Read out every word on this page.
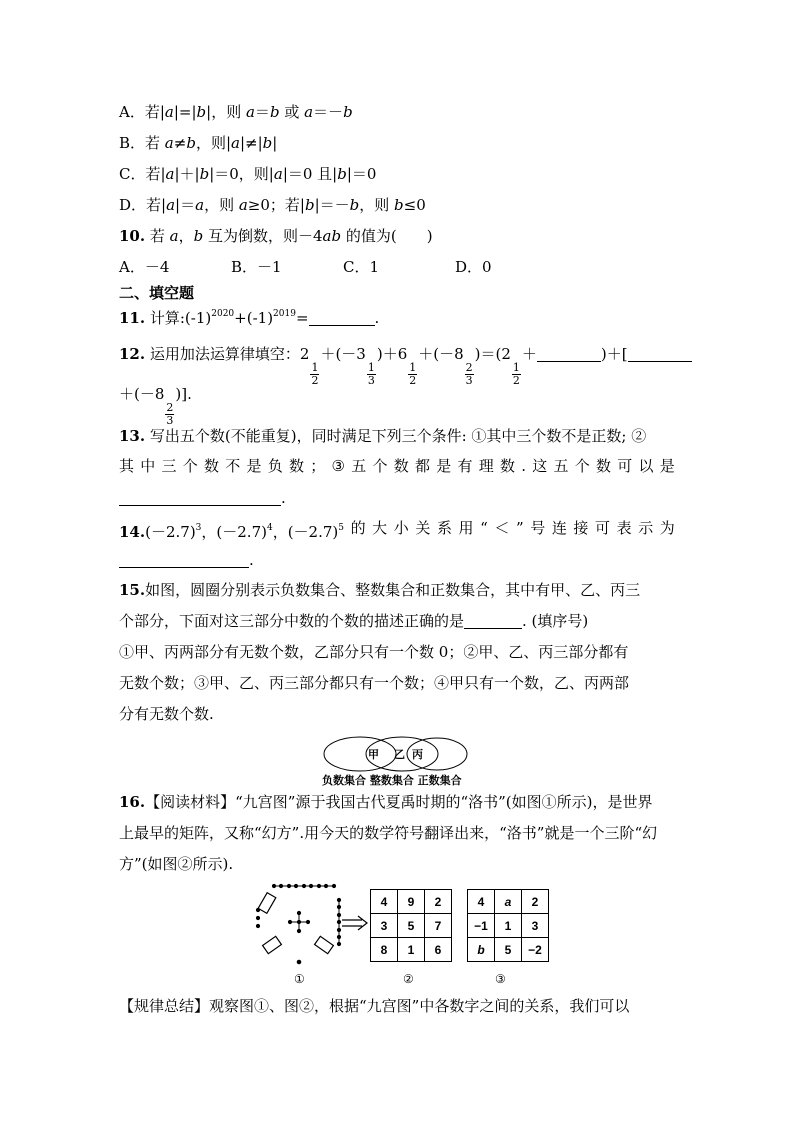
A．若|a|=|b|，则 a＝b 或 a＝－b
B．若 a≠b，则|a|≠|b|
C．若|a|＋|b|＝0，则|a|＝0 且|b|＝0
D．若|a|＝a，则 a≥0；若|b|＝－b，则 b≤0
10. 若 a，b 互为倒数，则－4ab 的值为(　　)
A．－4	B．－1	C．1	D．0
二、填空题
11. 计算$:(-1)^{2020}+(-1)^{2019}=$	.
12. 运用加法运算律填空：2
$\frac{1}{2}$
＋(－3
$\frac{1}{3}$
)＋6
$\frac{1}{2}$
＋(－8
$\frac{2}{3}$
)＝(2
$\frac{1}{2}$
＋	)＋[
＋(－8
$\frac{2}{3}$
)].
13. 写出五个数(不能重复)，同时满足下列三个条件: ①其中三个数不是正数; ②
其 中 三 个 数 不 是 负 数 ； ③ 五 个 数 都 是 有 理 数 . 这 五 个 数 可 以 是
.
$14.(-2.7)^3$，$(-2.7)^4$，$(-2.7)^5$ 的 大 小 关 系 用 “ ＜ ” 号 连 接 可 表 示 为
.
15.如图，圆圈分别表示负数集合、整数集合和正数集合，其中有甲、乙、丙三
个部分，下面对这三部分中数的个数的描述正确的是	. (填序号)
①甲、丙两部分有无数个数，乙部分只有一个数 0；②甲、乙、丙三部分都有
无数个数；③甲、乙、丙三部分都只有一个数；④甲只有一个数，乙、丙两部
分有无数个数.
甲 乙 丙
负数集合 整数集合 正数集合
16.【阅读材料】“九宫图”源于我国古代夏禹时期的“洛书”(如图①所示)，是世界
上最早的矩阵，又称“幻方”.用今天的数学符号翻译出来，“洛书”就是一个三阶“幻
方”(如图②所示).
4	9	2
3	5	7
8	1	6
4	a	2
−1	1	3
b	5	−2
①	②	③
【规律总结】观察图①、图②，根据“九宫图”中各数字之间的关系，我们可以
